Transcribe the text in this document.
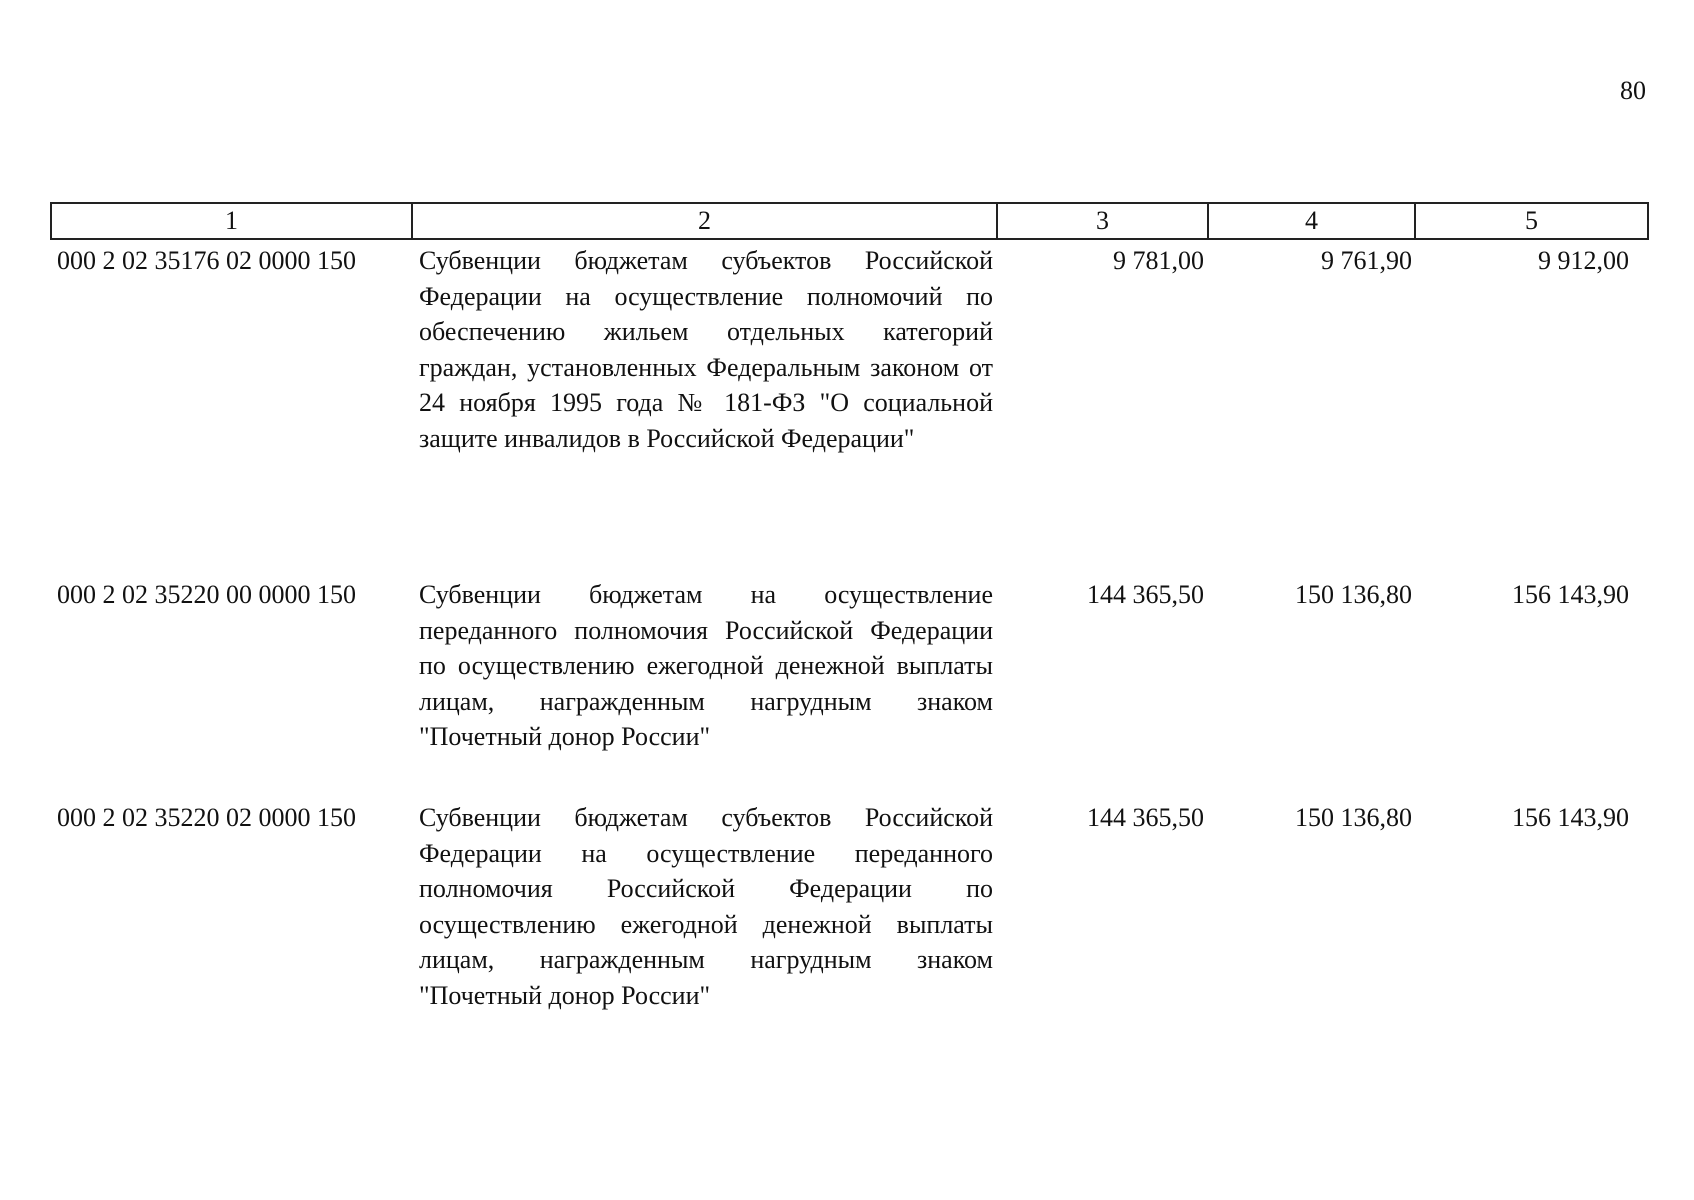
80
1	2	3	4	5
000 2 02 35176 02 0000 150	Субвенции бюджетам субъектов Российской Федерации на осуществление полномочий по обеспечению жильем отдельных категорий граждан, установленных Федеральным законом от 24 ноября 1995 года № 181-ФЗ "О социальной защите инвалидов в Российской Федерации"	9 781,00	9 761,90	9 912,00
000 2 02 35220 00 0000 150	Субвенции бюджетам на осуществление переданного полномочия Российской Федерации по осуществлению ежегодной денежной выплаты лицам, награжденным нагрудным знаком "Почетный донор России"	144 365,50	150 136,80	156 143,90
000 2 02 35220 02 0000 150	Субвенции бюджетам субъектов Российской Федерации на осуществление переданного полномочия Российской Федерации по осуществлению ежегодной денежной выплаты лицам, награжденным нагрудным знаком "Почетный донор России"	144 365,50	150 136,80	156 143,90
